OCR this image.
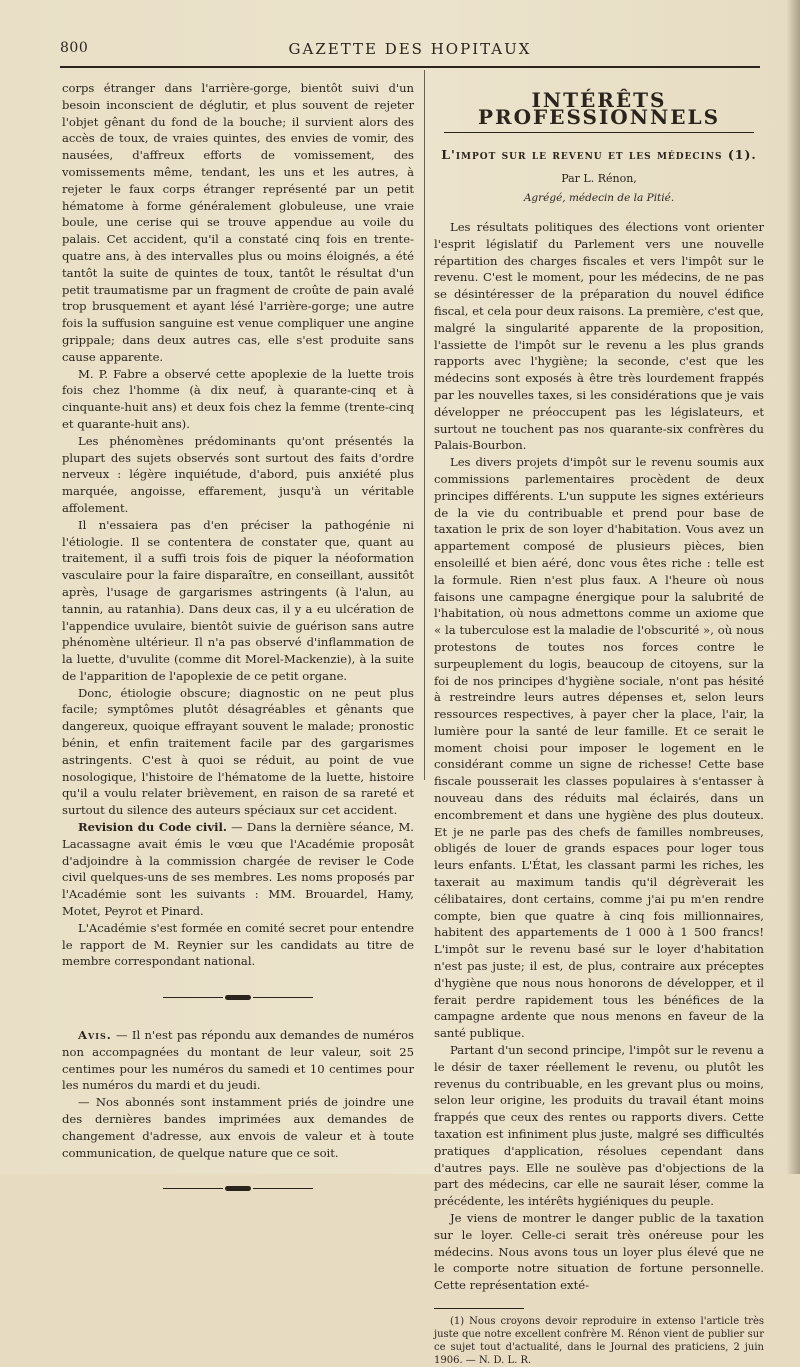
800	GAZETTE DES HOPITAUX

corps étranger dans l'arrière-gorge, bientôt suivi d'un besoin inconscient de déglutir, et plus souvent de rejeter l'objet gênant du fond de la bouche; il survient alors des accès de toux, de vraies quintes, des envies de vomir, des nausées, d'affreux efforts de vomissement, des vomissements même, tendant, les uns et les autres, à rejeter le faux corps étranger représenté par un petit hématome à forme généralement globuleuse, une vraie boule, une cerise qui se trouve appendue au voile du palais. Cet accident, qu'il a constaté cinq fois en trente-quatre ans, à des intervalles plus ou moins éloignés, a été tantôt la suite de quintes de toux, tantôt le résultat d'un petit traumatisme par un fragment de croûte de pain avalé trop brusquement et ayant lésé l'arrière-gorge; une autre fois la suffusion sanguine est venue compliquer une angine grippale; dans deux autres cas, elle s'est produite sans cause apparente.

M. P. Fabre a observé cette apoplexie de la luette trois fois chez l'homme (à dix neuf, à quarante-cinq et à cinquante-huit ans) et deux fois chez la femme (trente-cinq et quarante-huit ans).

Les phénomènes prédominants qu'ont présentés la plupart des sujets observés sont surtout des faits d'ordre nerveux : légère inquiétude, d'abord, puis anxiété plus marquée, angoisse, effarement, jusqu'à un véritable affolement.

Il n'essaiera pas d'en préciser la pathogénie ni l'étiologie. Il se contentera de constater que, quant au traitement, il a suffi trois fois de piquer la néoformation vasculaire pour la faire disparaître, en conseillant, aussitôt après, l'usage de gargarismes astringents (à l'alun, au tannin, au ratanhia). Dans deux cas, il y a eu ulcération de l'appendice uvulaire, bientôt suivie de guérison sans autre phénomène ultérieur. Il n'a pas observé d'inflammation de la luette, d'uvulite (comme dit Morel-Mackenzie), à la suite de l'apparition de l'apoplexie de ce petit organe.

Donc, étiologie obscure; diagnostic on ne peut plus facile; symptômes plutôt désagréables et gênants que dangereux, quoique effrayant souvent le malade; pronostic bénin, et enfin traitement facile par des gargarismes astringents. C'est à quoi se réduit, au point de vue nosologique, l'histoire de l'hématome de la luette, histoire qu'il a voulu relater brièvement, en raison de sa rareté et surtout du silence des auteurs spéciaux sur cet accident.

Revision du Code civil. — Dans la dernière séance, M. Lacassagne avait émis le vœu que l'Académie proposât d'adjoindre à la commission chargée de reviser le Code civil quelques-uns de ses membres. Les noms proposés par l'Académie sont les suivants : MM. Brouardel, Hamy, Motet, Peyrot et Pinard.

L'Académie s'est formée en comité secret pour entendre le rapport de M. Reynier sur les candidats au titre de membre correspondant national.

Avis. — Il n'est pas répondu aux demandes de numéros non accompagnées du montant de leur valeur, soit 25 centimes pour les numéros du samedi et 10 centimes pour les numéros du mardi et du jeudi.

— Nos abonnés sont instamment priés de joindre une des dernières bandes imprimées aux demandes de changement d'adresse, aux envois de valeur et à toute communication, de quelque nature que ce soit.

INTÉRÊTS PROFESSIONNELS
L'impot sur le revenu et les médecins (1).
Par L. Rénon,
Agrégé, médecin de la Pitié.

Les résultats politiques des élections vont orienter l'esprit législatif du Parlement vers une nouvelle répartition des charges fiscales et vers l'impôt sur le revenu. C'est le moment, pour les médecins, de ne pas se désintéresser de la préparation du nouvel édifice fiscal, et cela pour deux raisons. La première, c'est que, malgré la singularité apparente de la proposition, l'assiette de l'impôt sur le revenu a les plus grands rapports avec l'hygiène; la seconde, c'est que les médecins sont exposés à être très lourdement frappés par les nouvelles taxes, si les considérations que je vais développer ne préoccupent pas les législateurs, et surtout ne touchent pas nos quarante-six confrères du Palais-Bourbon.

Les divers projets d'impôt sur le revenu soumis aux commissions parlementaires procèdent de deux principes différents. L'un suppute les signes extérieurs de la vie du contribuable et prend pour base de taxation le prix de son loyer d'habitation. Vous avez un appartement composé de plusieurs pièces, bien ensoleillé et bien aéré, donc vous êtes riche : telle est la formule. Rien n'est plus faux. A l'heure où nous faisons une campagne énergique pour la salubrité de l'habitation, où nous admettons comme un axiome que « la tuberculose est la maladie de l'obscurité », où nous protestons de toutes nos forces contre le surpeuplement du logis, beaucoup de citoyens, sur la foi de nos principes d'hygiène sociale, n'ont pas hésité à restreindre leurs autres dépenses et, selon leurs ressources respectives, à payer cher la place, l'air, la lumière pour la santé de leur famille. Et ce serait le moment choisi pour imposer le logement en le considérant comme un signe de richesse! Cette base fiscale pousserait les classes populaires à s'entasser à nouveau dans des réduits mal éclairés, dans un encombrement et dans une hygiène des plus douteux. Et je ne parle pas des chefs de familles nombreuses, obligés de louer de grands espaces pour loger tous leurs enfants. L'État, les classant parmi les riches, les taxerait au maximum tandis qu'il dégrèverait les célibataires, dont certains, comme j'ai pu m'en rendre compte, bien que quatre à cinq fois millionnaires, habitent des appartements de 1 000 à 1 500 francs! L'impôt sur le revenu basé sur le loyer d'habitation n'est pas juste; il est, de plus, contraire aux préceptes d'hygiène que nous nous honorons de développer, et il ferait perdre rapidement tous les bénéfices de la campagne ardente que nous menons en faveur de la santé publique.

Partant d'un second principe, l'impôt sur le revenu a le désir de taxer réellement le revenu, ou plutôt les revenus du contribuable, en les grevant plus ou moins, selon leur origine, les produits du travail étant moins frappés que ceux des rentes ou rapports divers. Cette taxation est infiniment plus juste, malgré ses difficultés pratiques d'application, résolues cependant dans d'autres pays. Elle ne soulève pas d'objections de la part des médecins, car elle ne saurait léser, comme la précédente, les intérêts hygiéniques du peuple.

Je viens de montrer le danger public de la taxation sur le loyer. Celle-ci serait très onéreuse pour les médecins. Nous avons tous un loyer plus élevé que ne le comporte notre situation de fortune personnelle. Cette représentation exté-

(1) Nous croyons devoir reproduire in extenso l'article très juste que notre excellent confrère M. Rénon vient de publier sur ce sujet tout d'actualité, dans le Journal des praticiens, 2 juin 1906. — N. D. L. R.
